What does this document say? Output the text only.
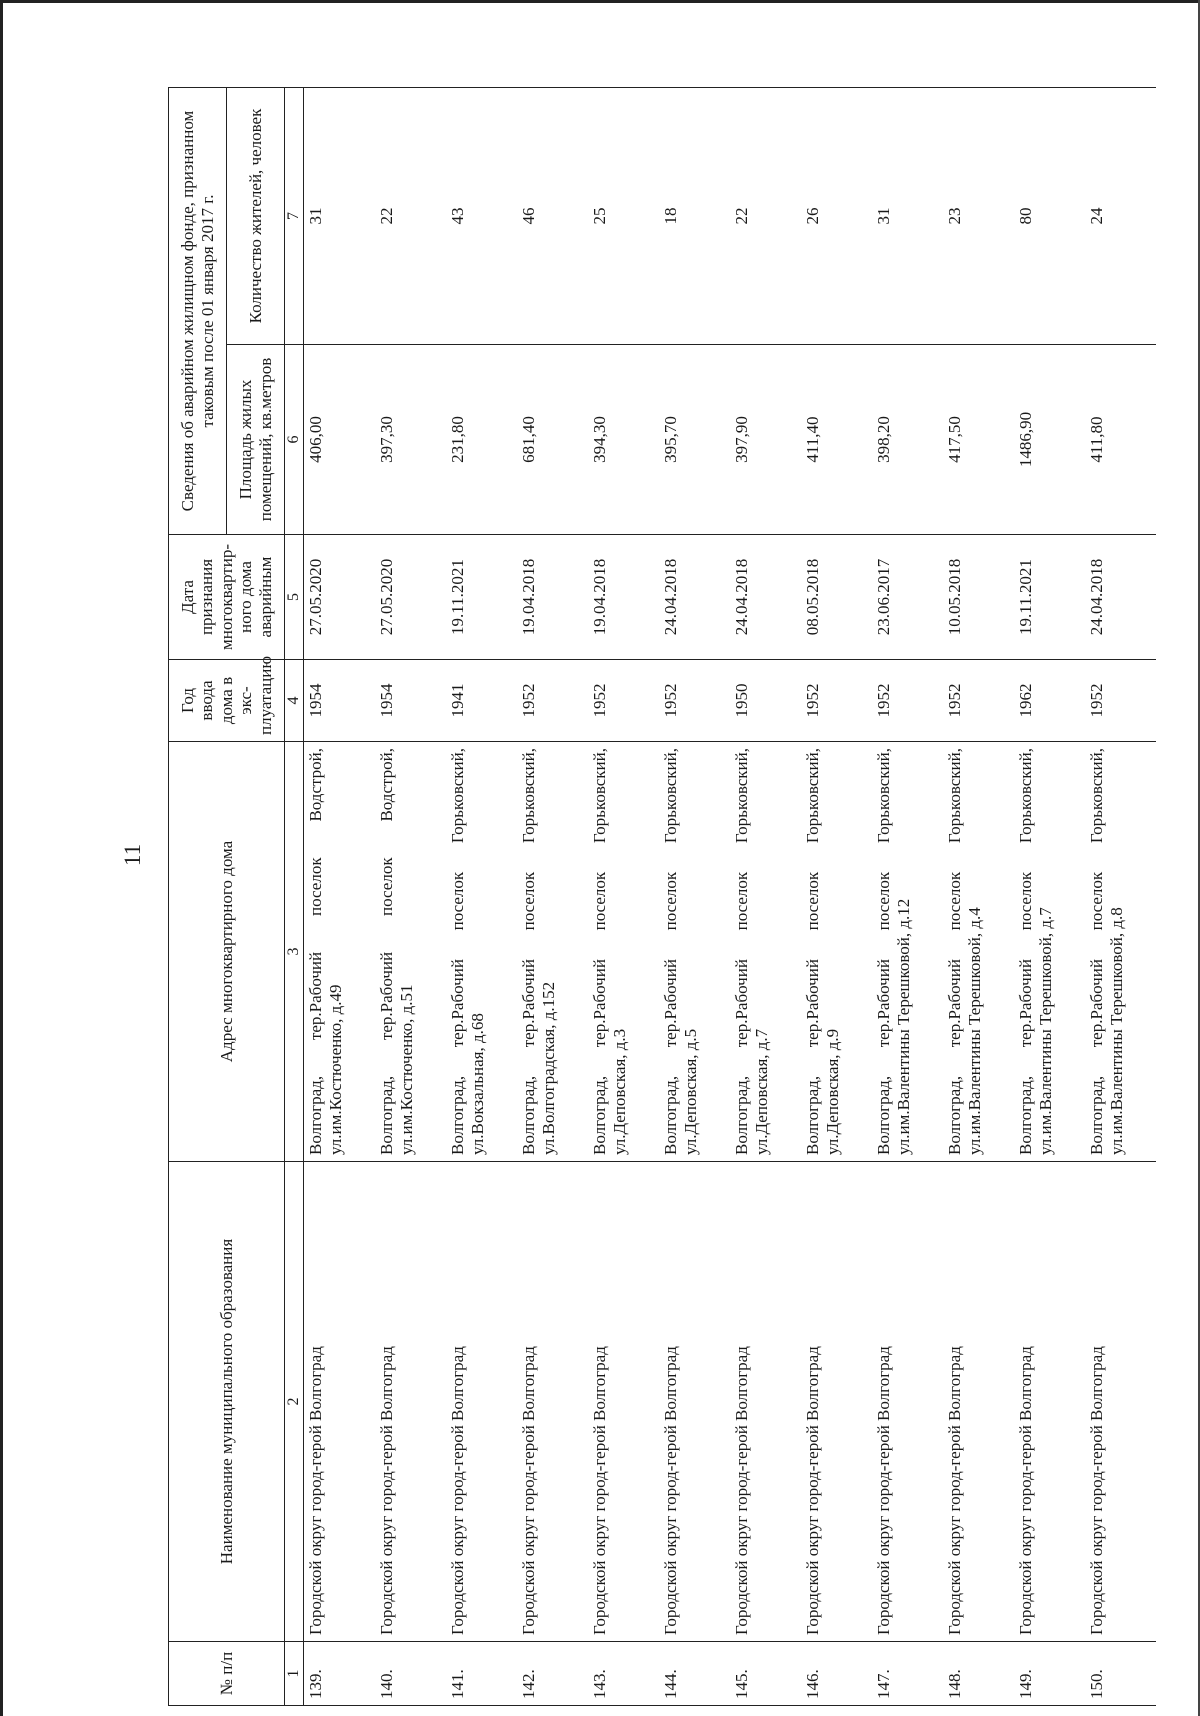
11
№ п/п	Наименование муниципального образования	Адрес многоквартирного дома	Год ввода дома в экс-плуатацию	Дата признания многоквартир-ного дома аварийным	Сведения об аварийном жилищном фонде, признанном таковым после 01 января 2017 г.	
					Площадь жилых помещений, кв.метров	Количество жителей, человек
1	2	3	4	5	6	7
139.	Городской округ город-герой Волгоград	Волгоград, тер.Рабочий поселок Водстрой, ул.им.Костюченко, д.49	1954	27.05.2020	406,00	31
140.	Городской округ город-герой Волгоград	Волгоград, тер.Рабочий поселок Водстрой, ул.им.Костюченко, д.51	1954	27.05.2020	397,30	22
141.	Городской округ город-герой Волгоград	Волгоград, тер.Рабочий поселок Горьковский, ул.Вокзальная, д.68	1941	19.11.2021	231,80	43
142.	Городской округ город-герой Волгоград	Волгоград, тер.Рабочий поселок Горьковский, ул.Волгоградская, д.152	1952	19.04.2018	681,40	46
143.	Городской округ город-герой Волгоград	Волгоград, тер.Рабочий поселок Горьковский, ул.Деповская, д.3	1952	19.04.2018	394,30	25
144.	Городской округ город-герой Волгоград	Волгоград, тер.Рабочий поселок Горьковский, ул.Деповская, д.5	1952	24.04.2018	395,70	18
145.	Городской округ город-герой Волгоград	Волгоград, тер.Рабочий поселок Горьковский, ул.Деповская, д.7	1950	24.04.2018	397,90	22
146.	Городской округ город-герой Волгоград	Волгоград, тер.Рабочий поселок Горьковский, ул.Деповская, д.9	1952	08.05.2018	411,40	26
147.	Городской округ город-герой Волгоград	Волгоград, тер.Рабочий поселок Горьковский, ул.им.Валентины Терешковой, д.12	1952	23.06.2017	398,20	31
148.	Городской округ город-герой Волгоград	Волгоград, тер.Рабочий поселок Горьковский, ул.им.Валентины Терешковой, д.4	1952	10.05.2018	417,50	23
149.	Городской округ город-герой Волгоград	Волгоград, тер.Рабочий поселок Горьковский, ул.им.Валентины Терешковой, д.7	1962	19.11.2021	1486,90	80
150.	Городской округ город-герой Волгоград	Волгоград, тер.Рабочий поселок Горьковский, ул.им.Валентины Терешковой, д.8	1952	24.04.2018	411,80	24
